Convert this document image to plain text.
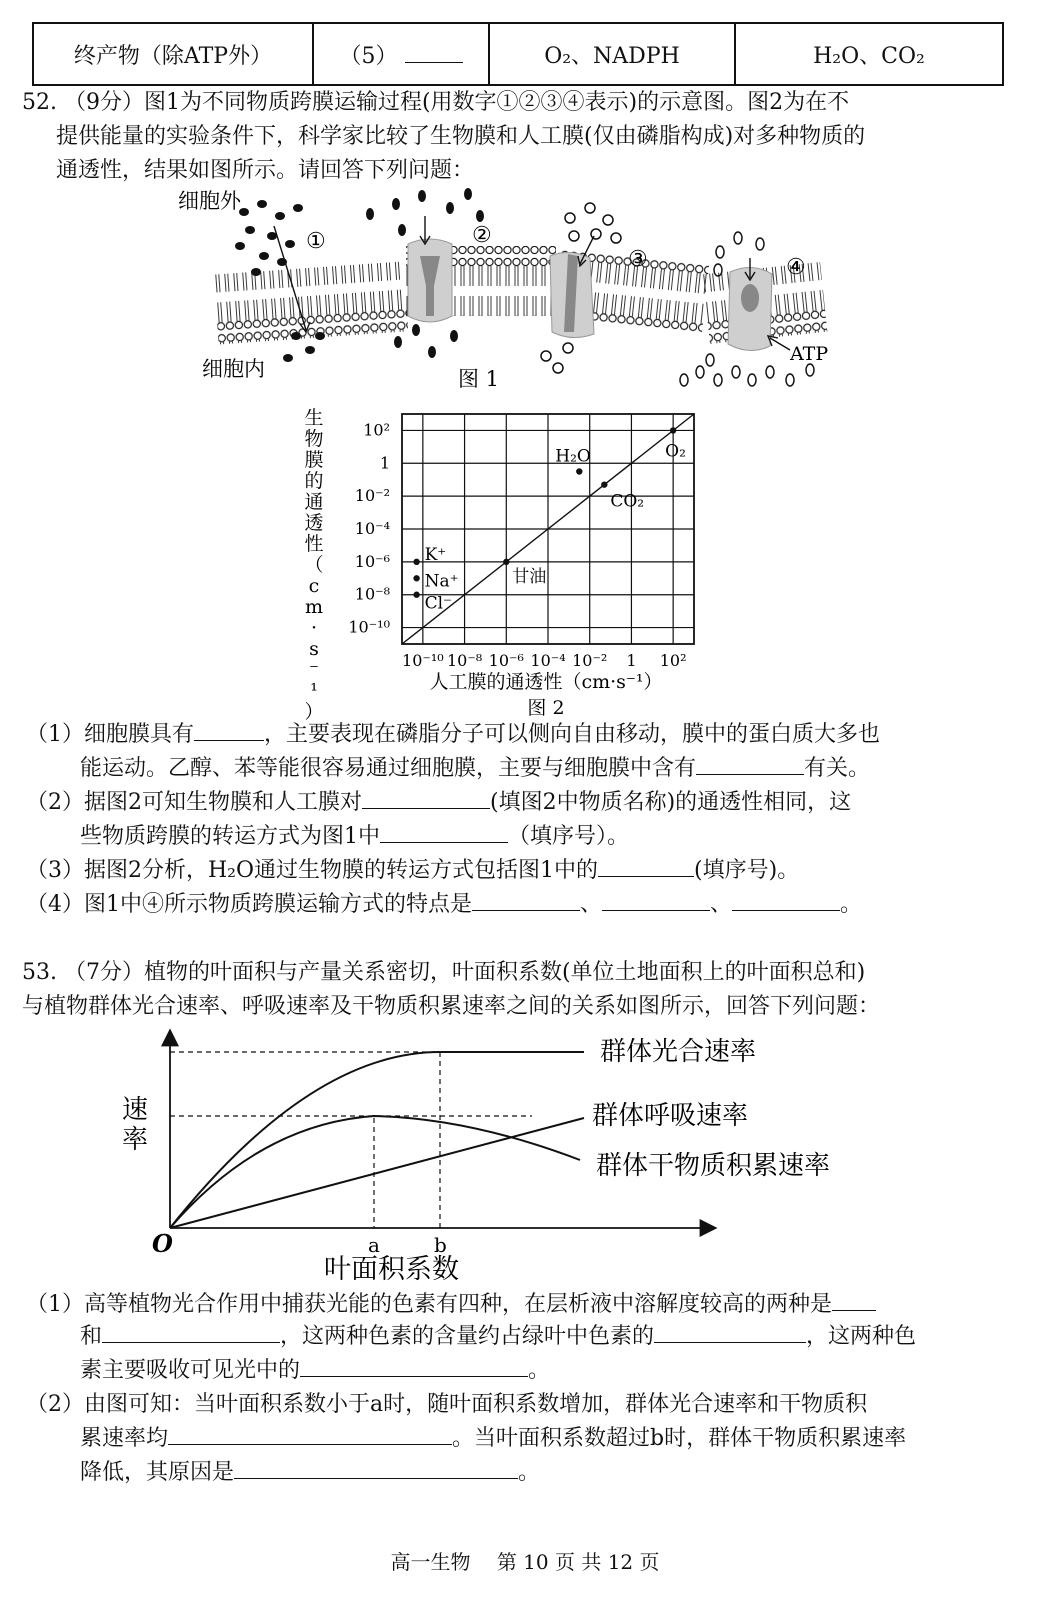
终产物（除ATP外）	（5）	O₂、NADPH	H₂O、CO₂
52. （9分）图1为不同物质跨膜运输过程(用数字①②③④表示)的示意图。图2为在不
提供能量的实验条件下，科学家比较了生物膜和人工膜(仅由磷脂构成)对多种物质的
通透性，结果如图所示。请回答下列问题：
细胞外
细胞内
①	②
③	④
ATP
图 1
生
物
膜
的
通
透
性
（
c
m
·
s
⁻
¹
）
10²
1
10⁻²
10⁻⁴
10⁻⁶
10⁻⁸
10⁻¹⁰
10⁻¹⁰ 10⁻⁸ 10⁻⁶ 10⁻⁴ 10⁻² 1 10²
O₂
H₂O
CO₂
甘油
K⁺
Na⁺
Cl⁻
人工膜的通透性（cm·s⁻¹）
图 2
（1）细胞膜具有	，主要表现在磷脂分子可以侧向自由移动，膜中的蛋白质大多也
能运动。乙醇、苯等能很容易通过细胞膜，主要与细胞膜中含有	有关。
（2）据图2可知生物膜和人工膜对	(填图2中物质名称)的通透性相同，这
些物质跨膜的转运方式为图1中	（填序号）。
（3）据图2分析，H₂O通过生物膜的转运方式包括图1中的	(填序号)。
（4）图1中④所示物质跨膜运输方式的特点是	、	、	。
53. （7分）植物的叶面积与产量关系密切，叶面积系数(单位土地面积上的叶面积总和)
与植物群体光合速率、呼吸速率及干物质积累速率之间的关系如图所示，回答下列问题：
群体光合速率
群体呼吸速率
群体干物质积累速率
速率
O	a	b
叶面积系数
（1）高等植物光合作用中捕获光能的色素有四种，在层析液中溶解度较高的两种是
和	，这两种色素的含量约占绿叶中色素的	，这两种色
素主要吸收可见光中的	。
（2）由图可知：当叶面积系数小于a时，随叶面积系数增加，群体光合速率和干物质积
累速率均	。当叶面积系数超过b时，群体干物质积累速率
降低，其原因是	。
高一生物　 第 10 页 共 12 页
